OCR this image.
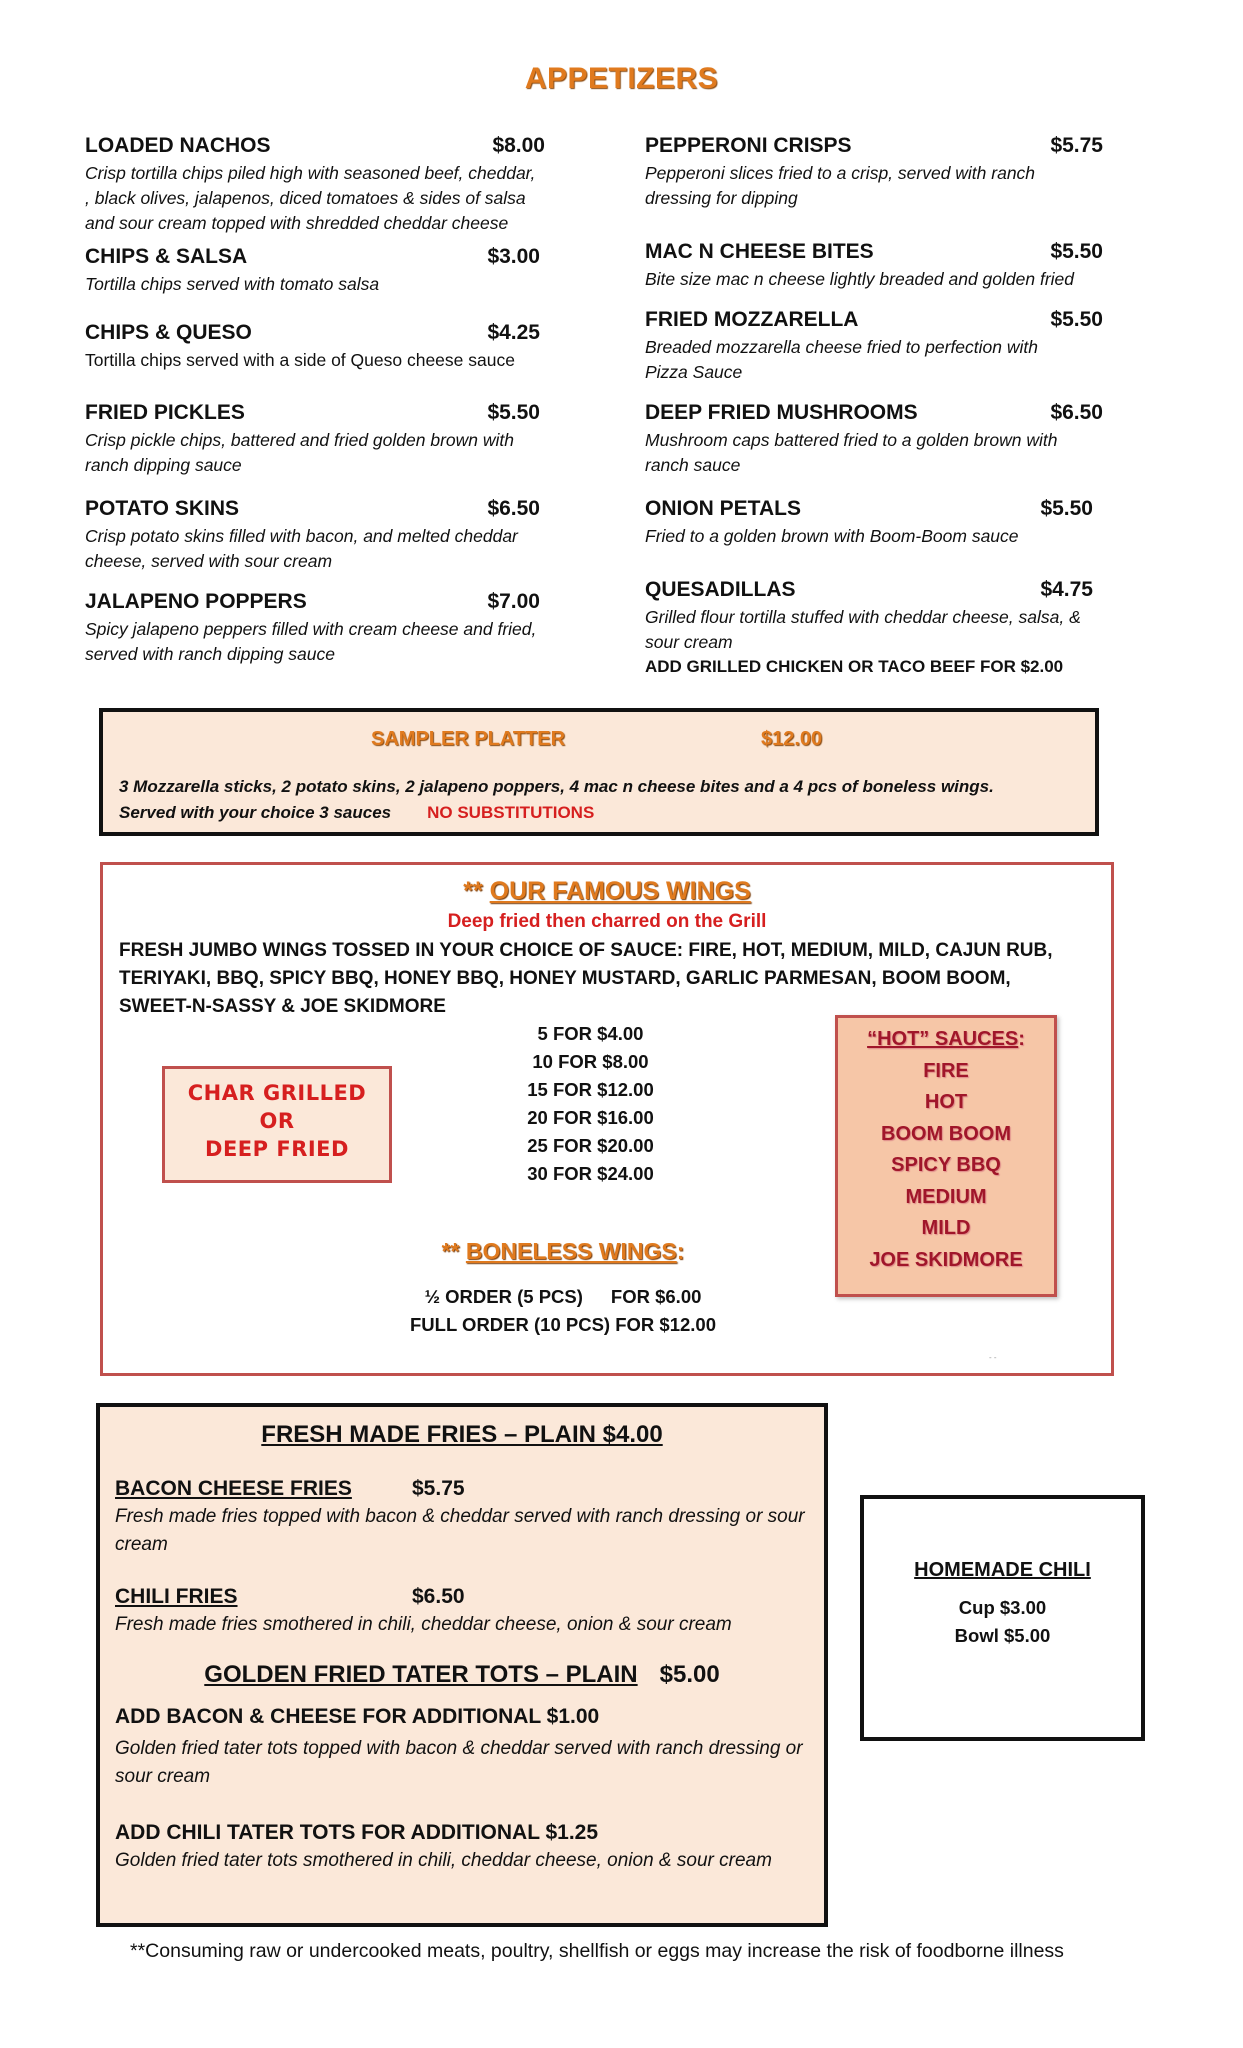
APPETIZERS
LOADED NACHOS	$8.00
Crisp tortilla chips piled high with seasoned beef, cheddar, , black olives, jalapenos, diced tomatoes & sides of salsa and sour cream topped with shredded cheddar cheese
CHIPS & SALSA	$3.00
Tortilla chips served with tomato salsa
CHIPS & QUESO	$4.25
Tortilla chips served with a side of Queso cheese sauce
FRIED PICKLES	$5.50
Crisp pickle chips, battered and fried golden brown with ranch dipping sauce
POTATO SKINS	$6.50
Crisp potato skins filled with bacon, and melted cheddar cheese, served with sour cream
JALAPENO POPPERS	$7.00
Spicy jalapeno peppers filled with cream cheese and fried, served with ranch dipping sauce
PEPPERONI CRISPS	$5.75
Pepperoni slices fried to a crisp, served with ranch dressing for dipping
MAC N CHEESE BITES	$5.50
Bite size mac n cheese lightly breaded and golden fried
FRIED MOZZARELLA	$5.50
Breaded mozzarella cheese fried to perfection with Pizza Sauce
DEEP FRIED MUSHROOMS	$6.50
Mushroom caps battered fried to a golden brown with ranch sauce
ONION PETALS	$5.50
Fried to a golden brown with Boom-Boom sauce
QUESADILLAS	$4.75
Grilled flour tortilla stuffed with cheddar cheese, salsa, & sour cream
ADD GRILLED CHICKEN OR TACO BEEF FOR $2.00
SAMPLER PLATTER	$12.00
3 Mozzarella sticks, 2 potato skins, 2 jalapeno poppers, 4 mac n cheese bites and a 4 pcs of boneless wings.
Served with your choice 3 sauces NO SUBSTITUTIONS
** OUR FAMOUS WINGS
Deep fried then charred on the Grill
FRESH JUMBO WINGS TOSSED IN YOUR CHOICE OF SAUCE: FIRE, HOT, MEDIUM, MILD, CAJUN RUB, TERIYAKI, BBQ, SPICY BBQ, HONEY BBQ, HONEY MUSTARD, GARLIC PARMESAN, BOOM BOOM, SWEET-N-SASSY & JOE SKIDMORE
5 FOR $4.00
10 FOR $8.00
15 FOR $12.00
20 FOR $16.00
25 FOR $20.00
30 FOR $24.00
CHAR GRILLED
OR
DEEP FRIED
“HOT” SAUCES:
FIRE
HOT
BOOM BOOM
SPICY BBQ
MEDIUM
MILD
JOE SKIDMORE
** BONELESS WINGS:
½ ORDER (5 PCS) FOR $6.00
FULL ORDER (10 PCS) FOR $12.00
- -
FRESH MADE FRIES – PLAIN $4.00
BACON CHEESE FRIES	$5.75
Fresh made fries topped with bacon & cheddar served with ranch dressing or sour cream
CHILI FRIES	$6.50
Fresh made fries smothered in chili, cheddar cheese, onion & sour cream
GOLDEN FRIED TATER TOTS – PLAIN $5.00
ADD BACON & CHEESE FOR ADDITIONAL $1.00
Golden fried tater tots topped with bacon & cheddar served with ranch dressing or sour cream
ADD CHILI TATER TOTS FOR ADDITIONAL $1.25
Golden fried tater tots smothered in chili, cheddar cheese, onion & sour cream
HOMEMADE CHILI
Cup $3.00
Bowl $5.00
**Consuming raw or undercooked meats, poultry, shellfish or eggs may increase the risk of foodborne illness
